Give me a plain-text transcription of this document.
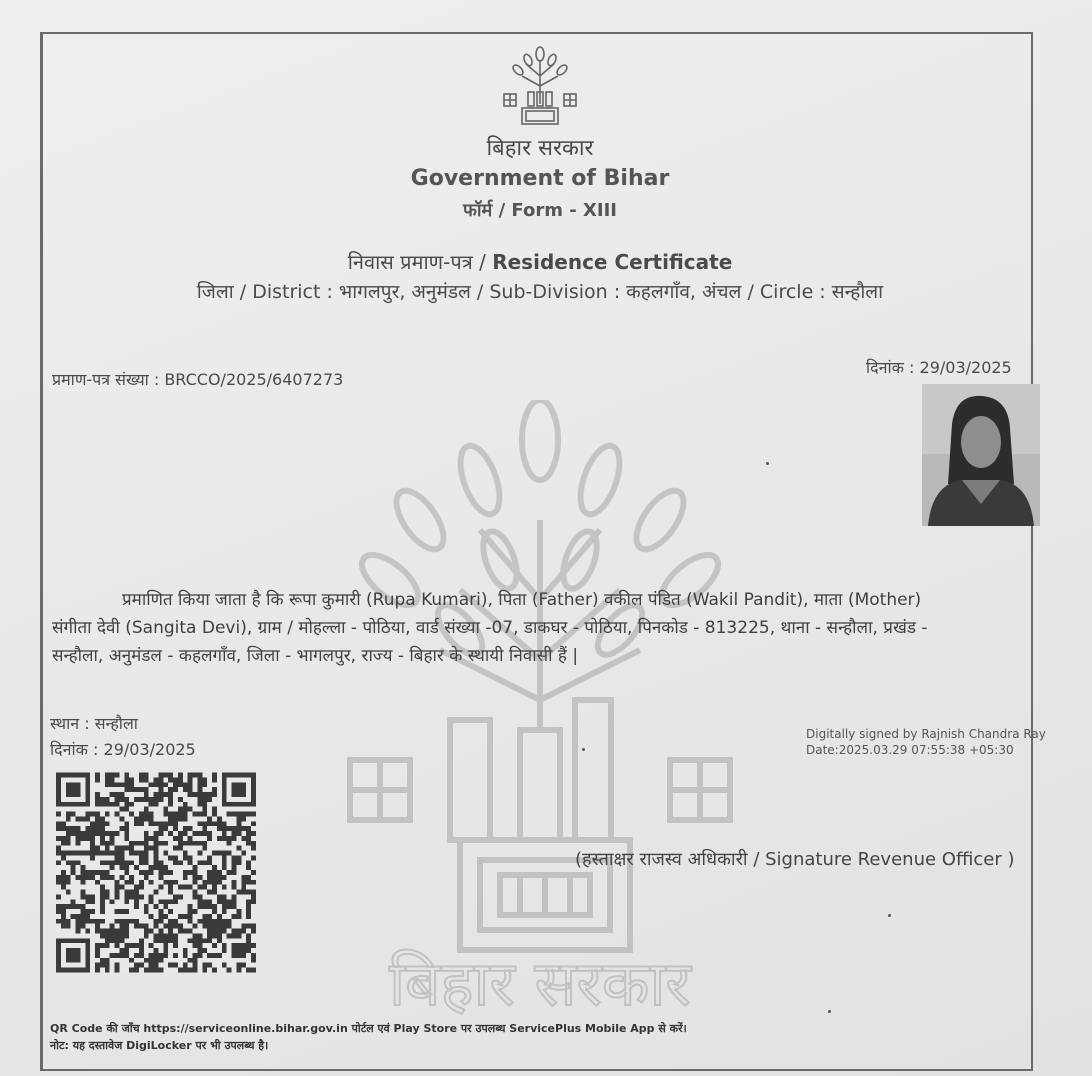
बिहार सरकार
बिहार सरकार
Government of Bihar
फॉर्म / Form - XIII
निवास प्रमाण-पत्र / Residence Certificate
जिला / District : भागलपुर, अनुमंडल / Sub-Division : कहलगाँव, अंचल / Circle : सन्हौला
प्रमाण-पत्र संख्या : BRCCO/2025/6407273
दिनांक : 29/03/2025

प्रमाणित किया जाता है कि रूपा कुमारी (Rupa Kumari), पिता (Father) वकील पंडित (Wakil Pandit), माता (Mother)

संगीता देवी (Sangita Devi), ग्राम / मोहल्ला - पोठिया, वार्ड संख्या -07, डाकघर - पोठिया, पिनकोड - 813225, थाना - सन्हौला, प्रखंड -

सन्हौला, अनुमंडल - कहलगाँव, जिला - भागलपुर, राज्य - बिहार के स्थायी निवासी हैं |

स्थान : सन्हौला
दिनांक : 29/03/2025
Digitally signed by Rajnish Chandra Ray
Date:2025.03.29 07:55:38 +05:30
(हस्ताक्षर राजस्व अधिकारी / Signature Revenue Officer )
QR Code की जाँच https://serviceonline.bihar.gov.in पोर्टल एवं Play Store पर उपलब्ध ServicePlus Mobile App से करें।
नोट: यह दस्तावेज DigiLocker पर भी उपलब्ध है।
